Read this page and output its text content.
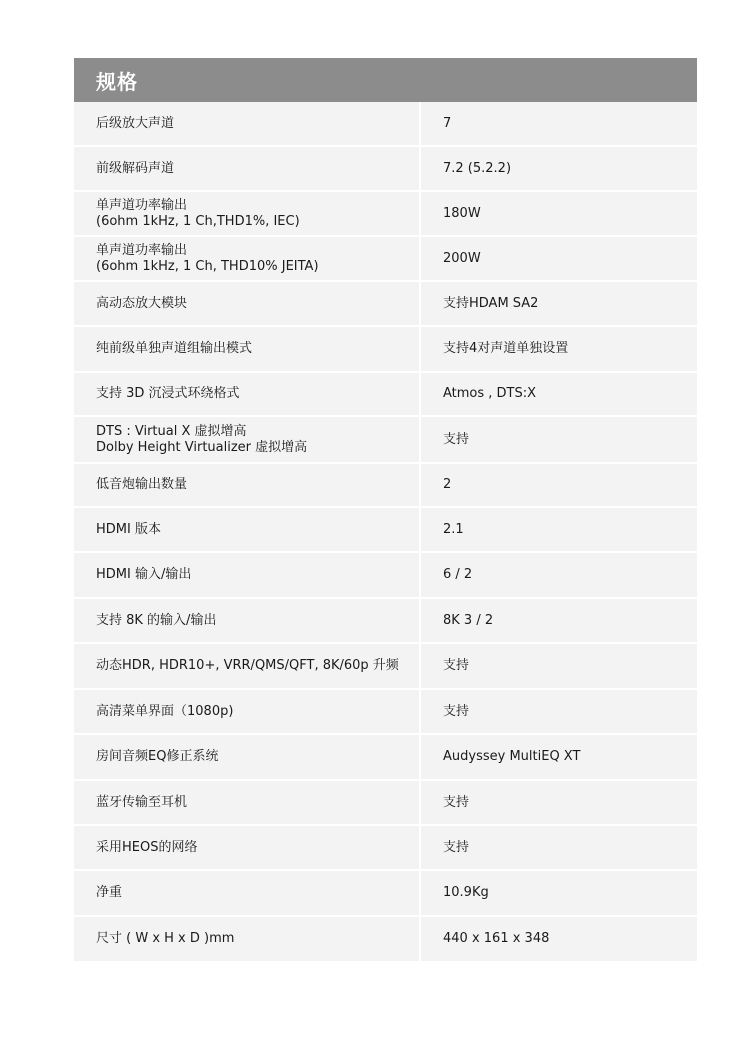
规格
后级放大声道	7
前级解码声道	7.2 (5.2.2)
单声道功率输出
(6ohm 1kHz, 1 Ch,THD1%, IEC)	180W
单声道功率输出
(6ohm 1kHz, 1 Ch, THD10% JEITA)	200W
高动态放大模块	支持HDAM SA2
纯前级单独声道组输出模式	支持4对声道单独设置
支持 3D 沉浸式环绕格式	Atmos , DTS:X
DTS : Virtual X 虚拟增高
Dolby Height Virtualizer 虚拟增高	支持
低音炮输出数量	2
HDMI 版本	2.1
HDMI 输入/输出	6 / 2
支持 8K 的输入/输出	8K 3 / 2
动态HDR, HDR10+, VRR/QMS/QFT, 8K/60p 升频	支持
高清菜单界面（1080p)	支持
房间音频EQ修正系统	Audyssey MultiEQ XT
蓝牙传输至耳机	支持
采用HEOS的网络	支持
净重	10.9Kg
尺寸 ( W x H x D )mm	440 x 161 x 348
